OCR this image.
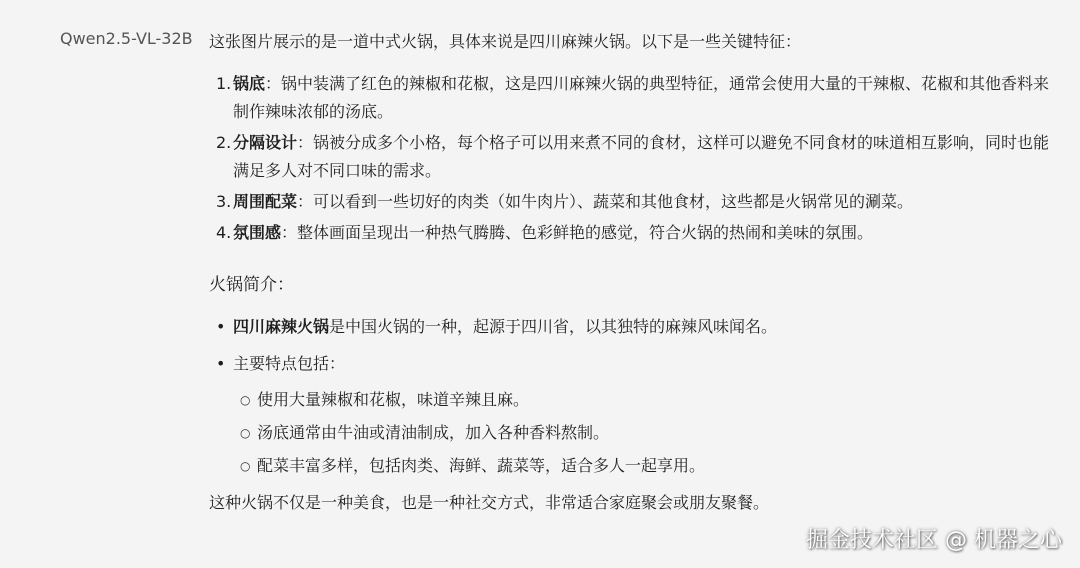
Qwen2.5-VL-32B 这张图片展示的是一道中式火锅，具体来说是四川麻辣火锅。以下是一些关键特征：

1. 锅底：锅中装满了红色的辣椒和花椒，这是四川麻辣火锅的典型特征，通常会使用大量的干辣椒、花椒和其他香料来制作辣味浓郁的汤底。
2. 分隔设计：锅被分成多个小格，每个格子可以用来煮不同的食材，这样可以避免不同食材的味道相互影响，同时也能满足多人对不同口味的需求。
3. 周围配菜：可以看到一些切好的肉类（如牛肉片）、蔬菜和其他食材，这些都是火锅常见的涮菜。
4. 氛围感：整体画面呈现出一种热气腾腾、色彩鲜艳的感觉，符合火锅的热闹和美味的氛围。
火锅简介：
• 四川麻辣火锅是中国火锅的一种，起源于四川省，以其独特的麻辣风味闻名。
• 主要特点包括：
○ 使用大量辣椒和花椒，味道辛辣且麻。
○ 汤底通常由牛油或清油制成，加入各种香料熬制。
○ 配菜丰富多样，包括肉类、海鲜、蔬菜等，适合多人一起享用。

这种火锅不仅是一种美食，也是一种社交方式，非常适合家庭聚会或朋友聚餐。

掘金技术社区 @ 机器之心
